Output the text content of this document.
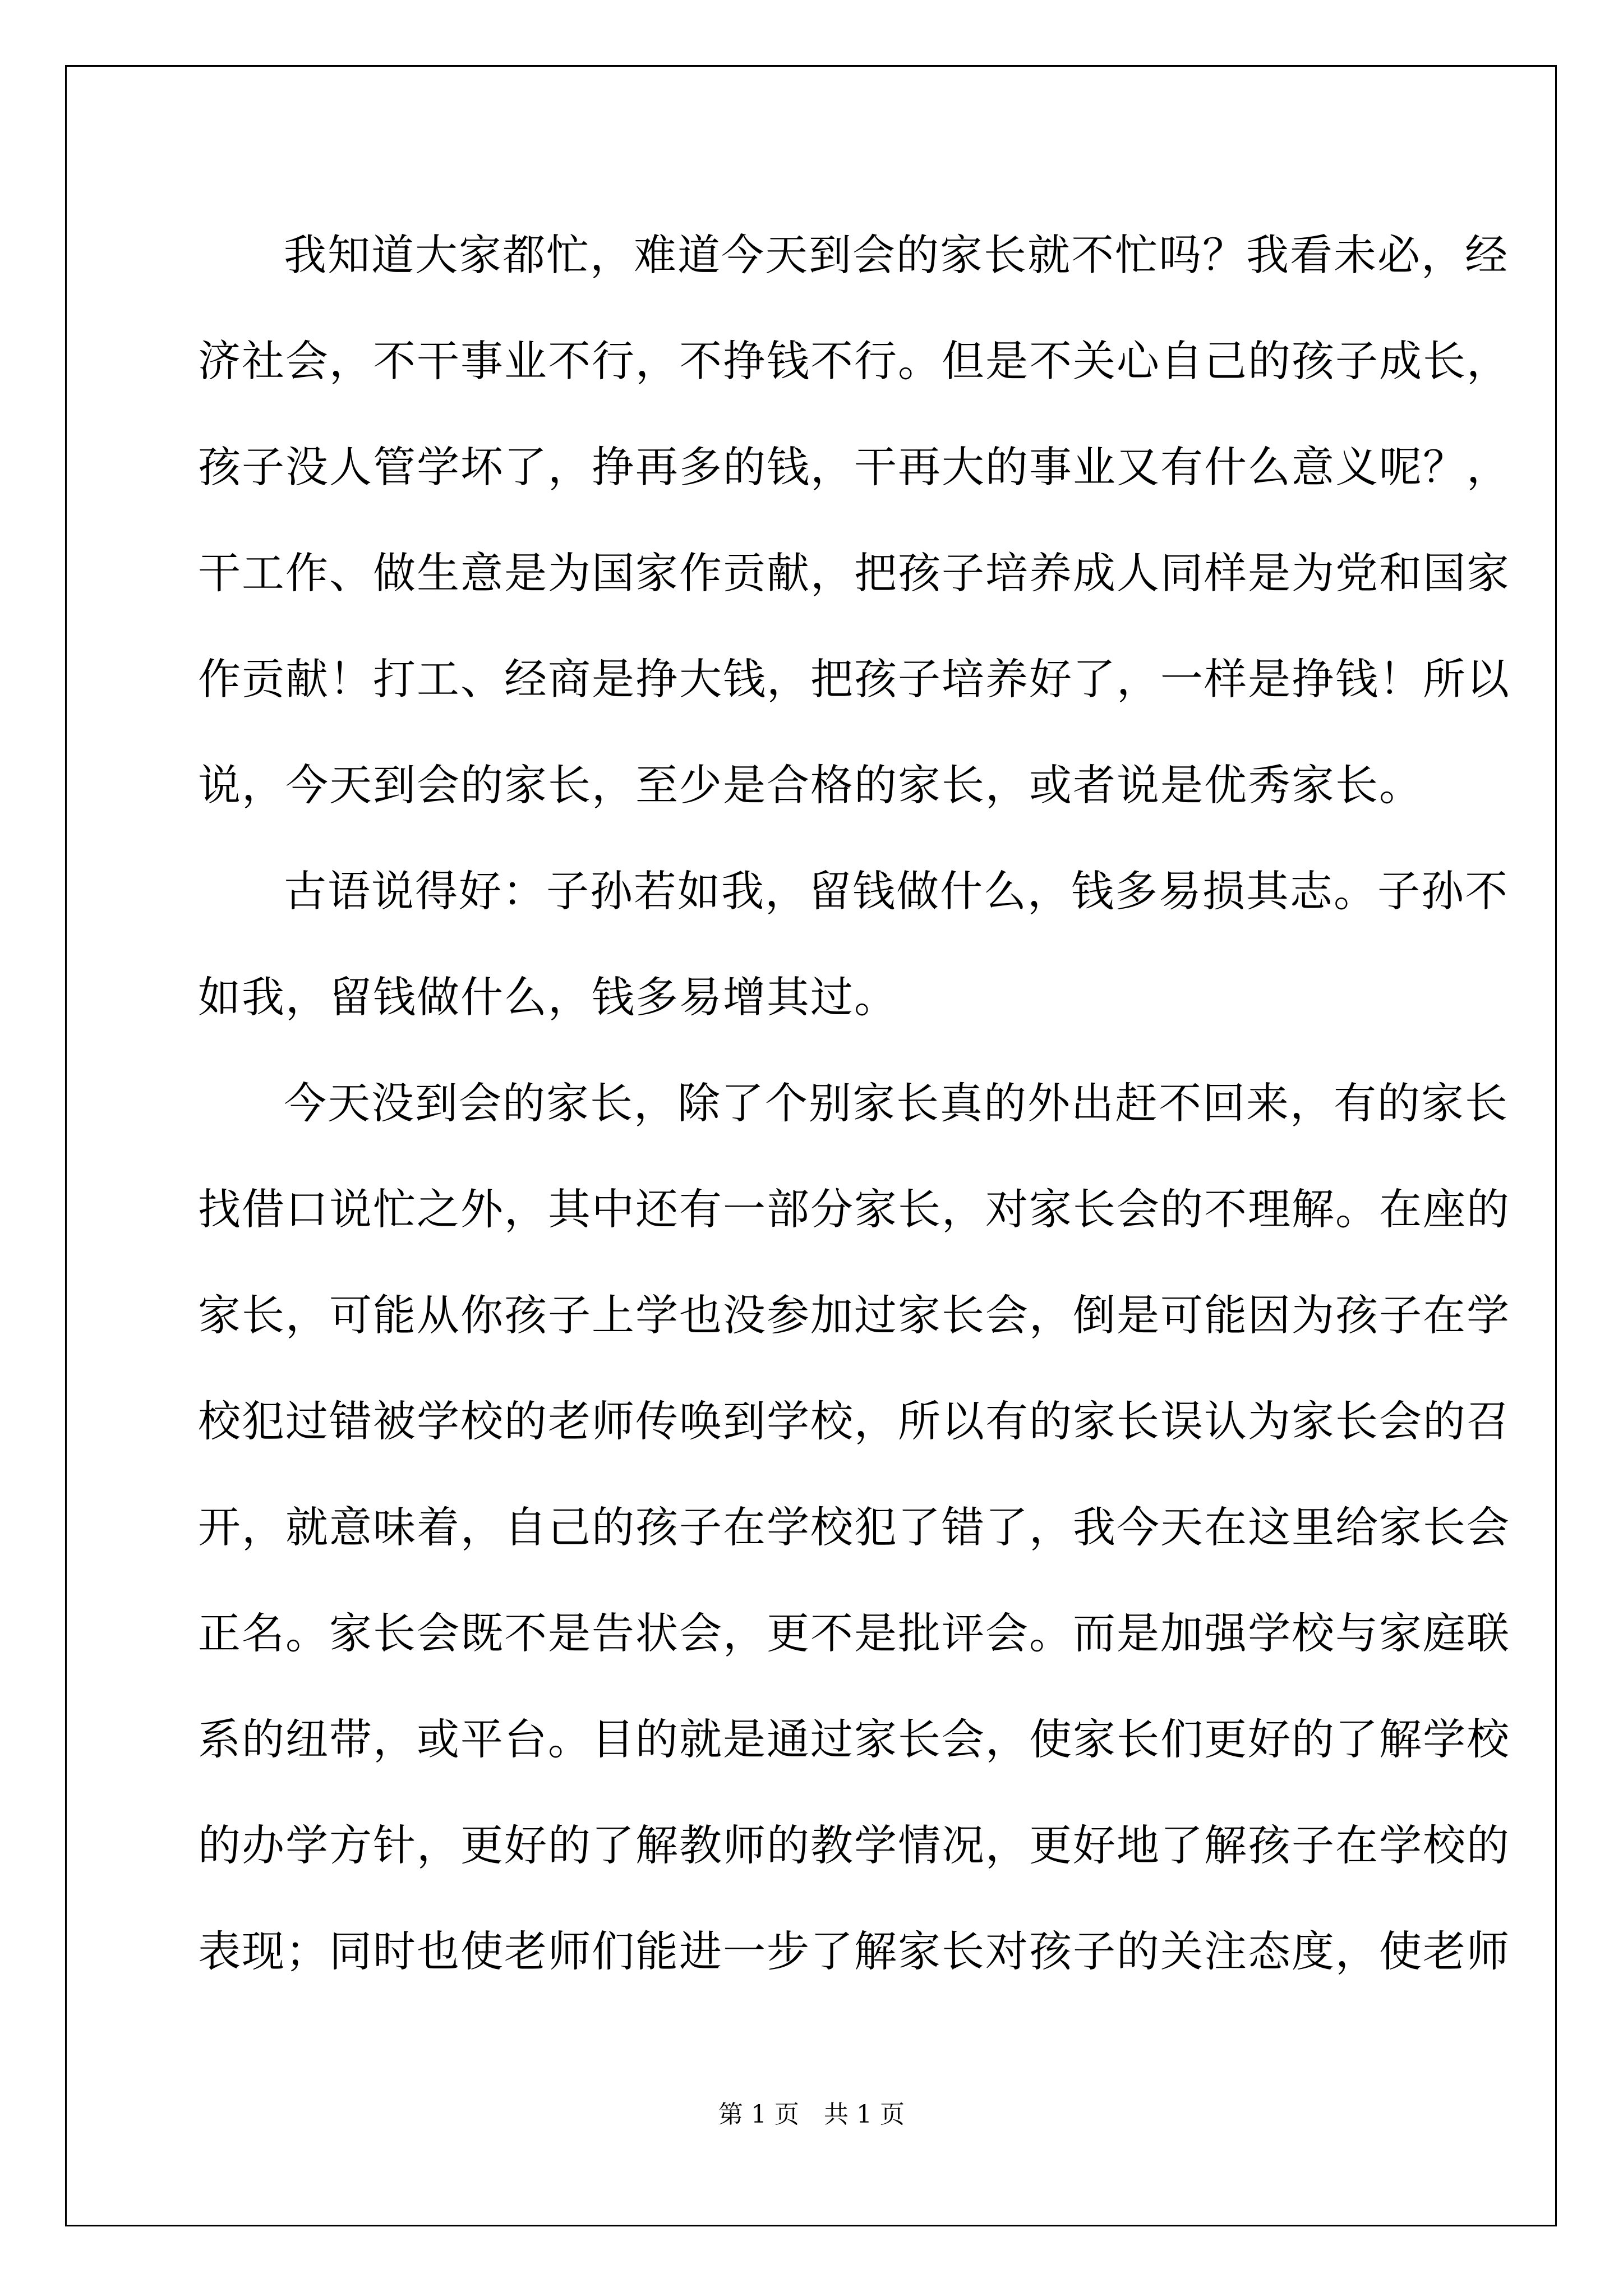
我知道大家都忙，难道今天到会的家长就不忙吗？我看未必，经
济社会，不干事业不行，不挣钱不行。但是不关心自己的孩子成长，
孩子没人管学坏了，挣再多的钱，干再大的事业又有什么意义呢？，
干工作、做生意是为国家作贡献，把孩子培养成人同样是为党和国家
作贡献！打工、经商是挣大钱，把孩子培养好了，一样是挣钱！所以
说，今天到会的家长，至少是合格的家长，或者说是优秀家长。
古语说得好：子孙若如我，留钱做什么，钱多易损其志。子孙不
如我，留钱做什么，钱多易增其过。
今天没到会的家长，除了个别家长真的外出赶不回来，有的家长
找借口说忙之外，其中还有一部分家长，对家长会的不理解。在座的
家长，可能从你孩子上学也没参加过家长会，倒是可能因为孩子在学
校犯过错被学校的老师传唤到学校，所以有的家长误认为家长会的召
开，就意味着，自己的孩子在学校犯了错了，我今天在这里给家长会
正名。家长会既不是告状会，更不是批评会。而是加强学校与家庭联
系的纽带，或平台。目的就是通过家长会，使家长们更好的了解学校
的办学方针，更好的了解教师的教学情况，更好地了解孩子在学校的
表现；同时也使老师们能进一步了解家长对孩子的关注态度，使老师
第 1 页　共 1 页
